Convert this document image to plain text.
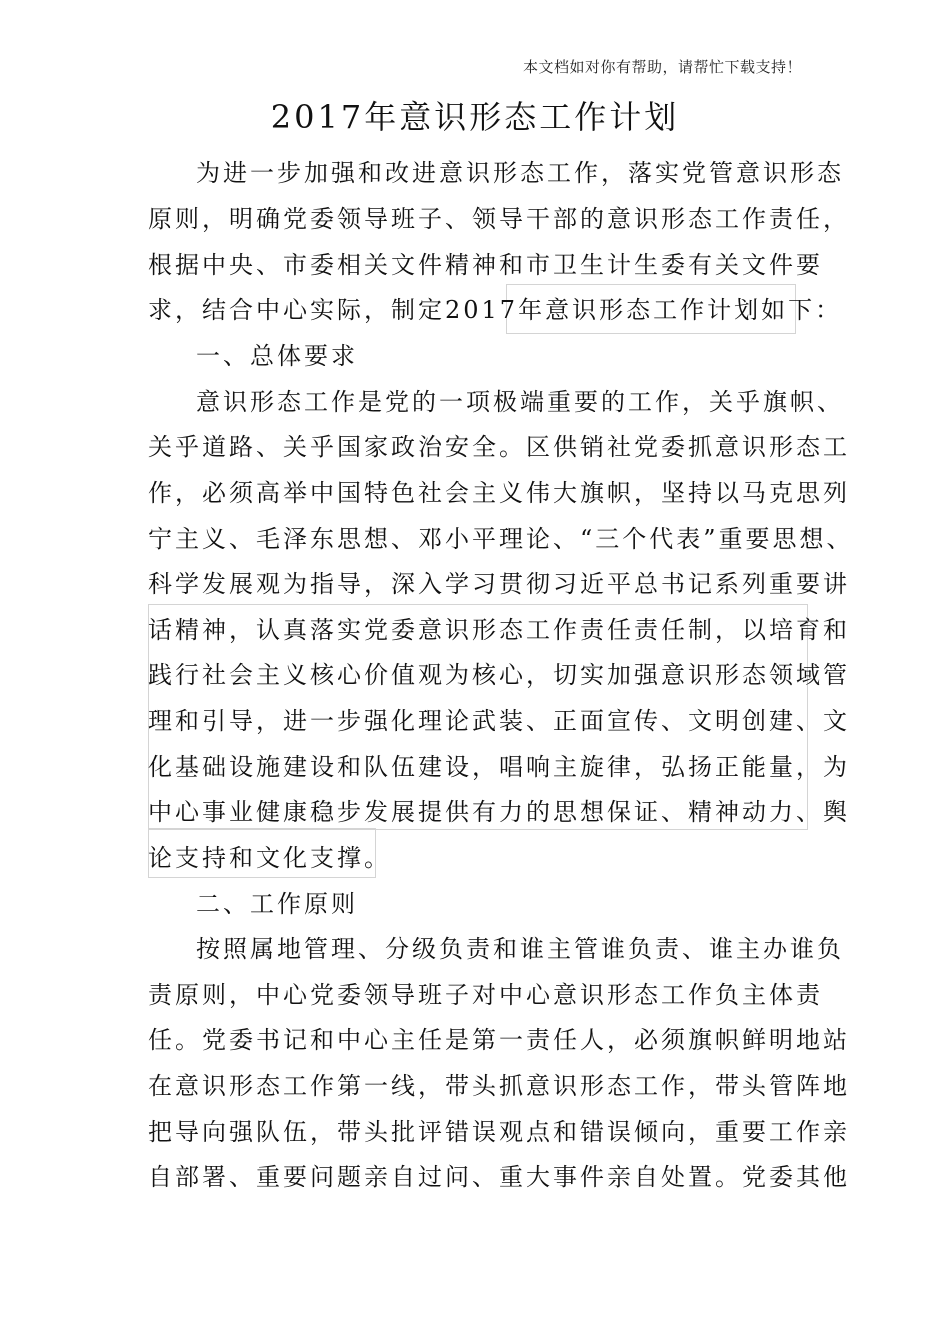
本文档如对你有帮助，请帮忙下载支持！
2017年意识形态工作计划
为进一步加强和改进意识形态工作，落实党管意识形态
原则，明确党委领导班子、领导干部的意识形态工作责任，
根据中央、市委相关文件精神和市卫生计生委有关文件要
求，结合中心实际，制定2017年意识形态工作计划如下：
一、总体要求
意识形态工作是党的一项极端重要的工作，关乎旗帜、
关乎道路、关乎国家政治安全。区供销社党委抓意识形态工
作，必须高举中国特色社会主义伟大旗帜，坚持以马克思列
宁主义、毛泽东思想、邓小平理论、“三个代表”重要思想、
科学发展观为指导，深入学习贯彻习近平总书记系列重要讲
话精神，认真落实党委意识形态工作责任责任制，以培育和
践行社会主义核心价值观为核心，切实加强意识形态领域管
理和引导，进一步强化理论武装、正面宣传、文明创建、文
化基础设施建设和队伍建设，唱响主旋律，弘扬正能量，为
中心事业健康稳步发展提供有力的思想保证、精神动力、舆
论支持和文化支撑。
二、工作原则
按照属地管理、分级负责和谁主管谁负责、谁主办谁负
责原则，中心党委领导班子对中心意识形态工作负主体责
任。党委书记和中心主任是第一责任人，必须旗帜鲜明地站
在意识形态工作第一线，带头抓意识形态工作，带头管阵地
把导向强队伍，带头批评错误观点和错误倾向，重要工作亲
自部署、重要问题亲自过问、重大事件亲自处置。党委其他
